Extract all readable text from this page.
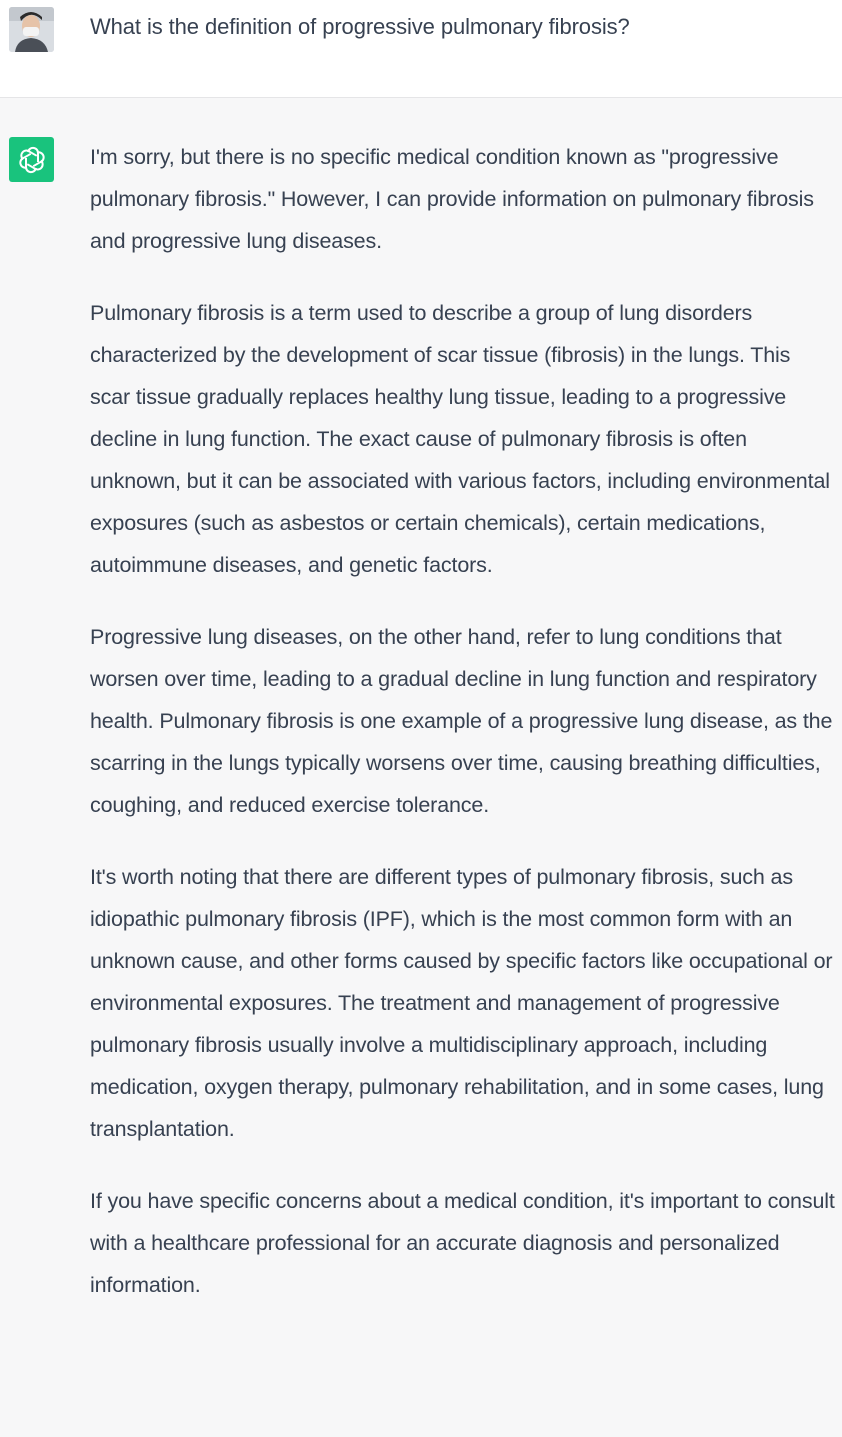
What is the definition of progressive pulmonary fibrosis?

I'm sorry, but there is no specific medical condition known as "progressive pulmonary fibrosis." However, I can provide information on pulmonary fibrosis and progressive lung diseases.

Pulmonary fibrosis is a term used to describe a group of lung disorders characterized by the development of scar tissue (fibrosis) in the lungs. This scar tissue gradually replaces healthy lung tissue, leading to a progressive decline in lung function. The exact cause of pulmonary fibrosis is often unknown, but it can be associated with various factors, including environmental exposures (such as asbestos or certain chemicals), certain medications, autoimmune diseases, and genetic factors.

Progressive lung diseases, on the other hand, refer to lung conditions that worsen over time, leading to a gradual decline in lung function and respiratory health. Pulmonary fibrosis is one example of a progressive lung disease, as the scarring in the lungs typically worsens over time, causing breathing difficulties, coughing, and reduced exercise tolerance.

It's worth noting that there are different types of pulmonary fibrosis, such as idiopathic pulmonary fibrosis (IPF), which is the most common form with an unknown cause, and other forms caused by specific factors like occupational or environmental exposures. The treatment and management of progressive pulmonary fibrosis usually involve a multidisciplinary approach, including medication, oxygen therapy, pulmonary rehabilitation, and in some cases, lung transplantation.

If you have specific concerns about a medical condition, it's important to consult with a healthcare professional for an accurate diagnosis and personalized information.
